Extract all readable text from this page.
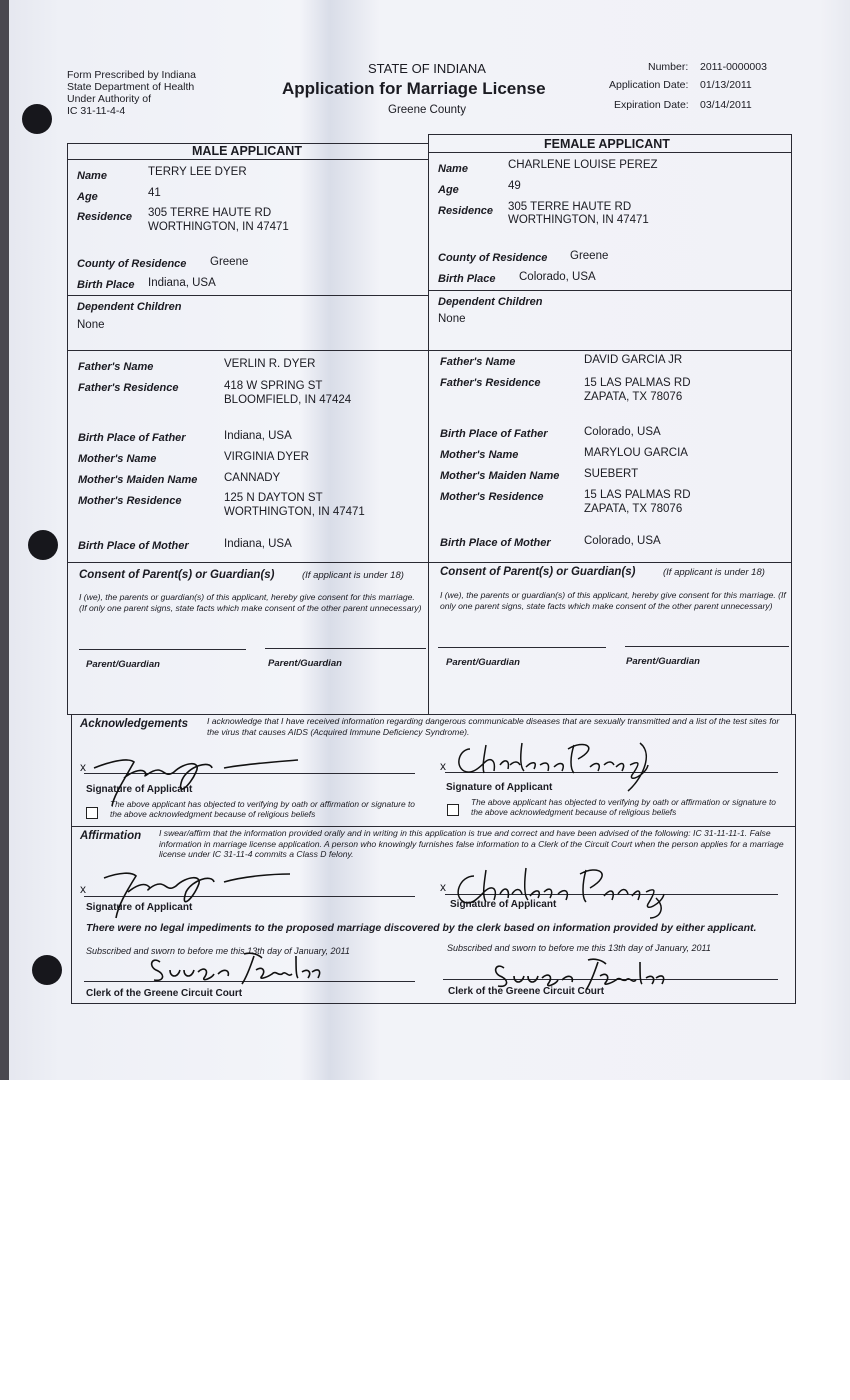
Form Prescribed by Indiana
State Department of Health
Under Authority of
IC 31-11-4-4
STATE OF INDIANA
Application for Marriage License
Greene County
Number: 2011-0000003
Application Date: 01/13/2011
Expiration Date: 03/14/2011
MALE APPLICANT
Name	TERRY LEE DYER
Age	41
Residence 305 TERRE HAUTE RD
WORTHINGTON, IN 47471
County of Residence Greene
Birth Place Indiana, USA
Dependent Children
None
Father's Name	VERLIN R. DYER
Father's Residence	418 W SPRING ST
BLOOMFIELD, IN 47424
Birth Place of Father	Indiana, USA
Mother's Name	VIRGINIA DYER
Mother's Maiden Name CANNADY
Mother's Residence	125 N DAYTON ST
WORTHINGTON, IN 47471
Birth Place of Mother	Indiana, USA
FEMALE APPLICANT
Name	CHARLENE LOUISE PEREZ
Age	49
Residence 305 TERRE HAUTE RD
WORTHINGTON, IN 47471
County of Residence Greene
Birth Place Colorado, USA
Dependent Children
None
Father's Name	DAVID GARCIA JR
Father's Residence	15 LAS PALMAS RD
ZAPATA, TX 78076
Birth Place of Father	Colorado, USA
Mother's Name	MARYLOU GARCIA
Mother's Maiden Name SUEBERT
Mother's Residence	15 LAS PALMAS RD
ZAPATA, TX 78076
Birth Place of Mother	Colorado, USA
Consent of Parent(s) or Guardian(s)	(If applicant is under 18)
I (we), the parents or guardian(s) of this applicant, hereby give consent for this marriage. (If only one parent signs, state facts which make consent of the other parent unnecessary)
Parent/Guardian	Parent/Guardian
Consent of Parent(s) or Guardian(s)	(If applicant is under 18)
I (we), the parents or guardian(s) of this applicant, hereby give consent for this marriage. (If only one parent signs, state facts which make consent of the other parent unnecessary)
Parent/Guardian	Parent/Guardian
Acknowledgements I acknowledge that I have received information regarding dangerous communicable diseases that are sexually transmitted and a list of the test sites for the virus that causes AIDS (Acquired Immune Deficiency Syndrome).
Signature of Applicant
The above applicant has objected to verifying by oath or affirmation or signature to the above acknowledgment because of religious beliefs
Signature of Applicant
The above applicant has objected to verifying by oath or affirmation or signature to the above acknowledgment because of religious beliefs
Affirmation I swear/affirm that the information provided orally and in writing in this application is true and correct and have been advised of the following: IC 31-11-11-1. False information in marriage license application. A person who knowingly furnishes false information to a Clerk of the Circuit Court when the person applies for a marriage license under IC 31-11-4 commits a Class D felony.
Signature of Applicant	Signature of Applicant
There were no legal impediments to the proposed marriage discovered by the clerk based on information provided by either applicant.
Subscribed and sworn to before me this 13th day of January, 2011	Subscribed and sworn to before me this 13th day of January, 2011
Clerk of the Greene Circuit Court	Clerk of the Greene Circuit Court
x	x
x	x
